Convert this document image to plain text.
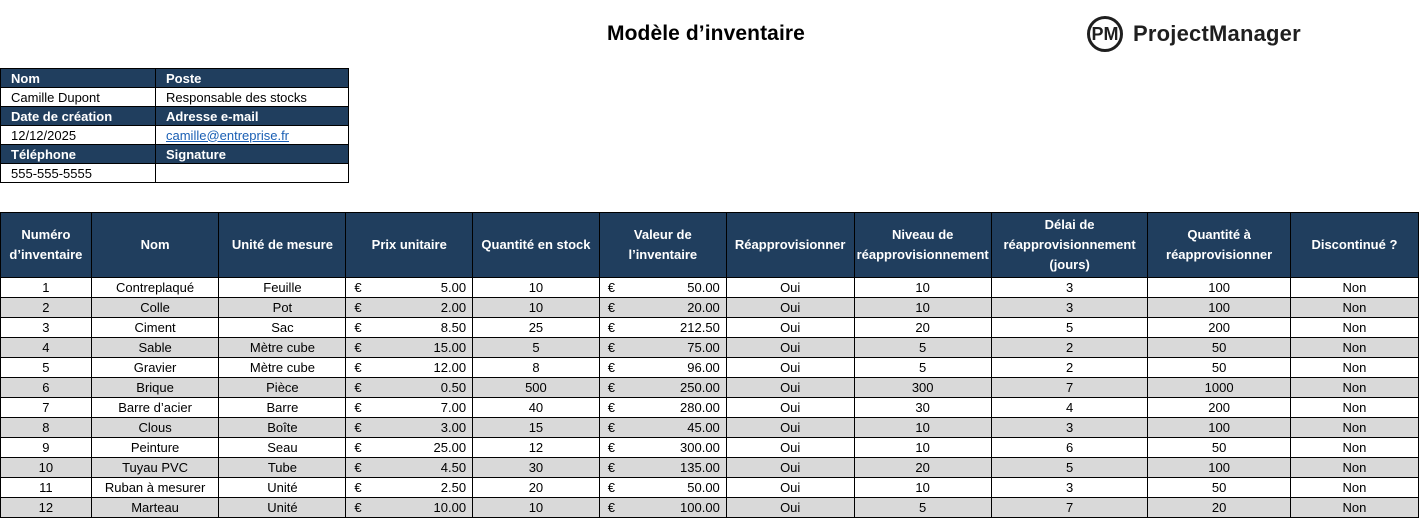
Modèle d’inventaire	PM ProjectManager
Nom	Poste
Camille Dupont	Responsable des stocks
Date de création	Adresse e-mail
12/12/2025	camille@entreprise.fr
Téléphone	Signature
555-555-5555	
Numéro d’inventaire	Nom	Unité de mesure	Prix unitaire	Quantité en stock	Valeur de l’inventaire	Réapprovisionner	Niveau de réapprovisionnement	Délai de réapprovisionnement (jours)	Quantité à réapprovisionner	Discontinué ?
1	Contreplaqué	Feuille	€ 5.00	10	€ 50.00	Oui	10	3	100	Non
2	Colle	Pot	€ 2.00	10	€ 20.00	Oui	10	3	100	Non
3	Ciment	Sac	€ 8.50	25	€ 212.50	Oui	20	5	200	Non
4	Sable	Mètre cube	€ 15.00	5	€ 75.00	Oui	5	2	50	Non
5	Gravier	Mètre cube	€ 12.00	8	€ 96.00	Oui	5	2	50	Non
6	Brique	Pièce	€ 0.50	500	€ 250.00	Oui	300	7	1000	Non
7	Barre d’acier	Barre	€ 7.00	40	€ 280.00	Oui	30	4	200	Non
8	Clous	Boîte	€ 3.00	15	€ 45.00	Oui	10	3	100	Non
9	Peinture	Seau	€ 25.00	12	€ 300.00	Oui	10	6	50	Non
10	Tuyau PVC	Tube	€ 4.50	30	€ 135.00	Oui	20	5	100	Non
11	Ruban à mesurer	Unité	€ 2.50	20	€ 50.00	Oui	10	3	50	Non
12	Marteau	Unité	€ 10.00	10	€ 100.00	Oui	5	7	20	Non
